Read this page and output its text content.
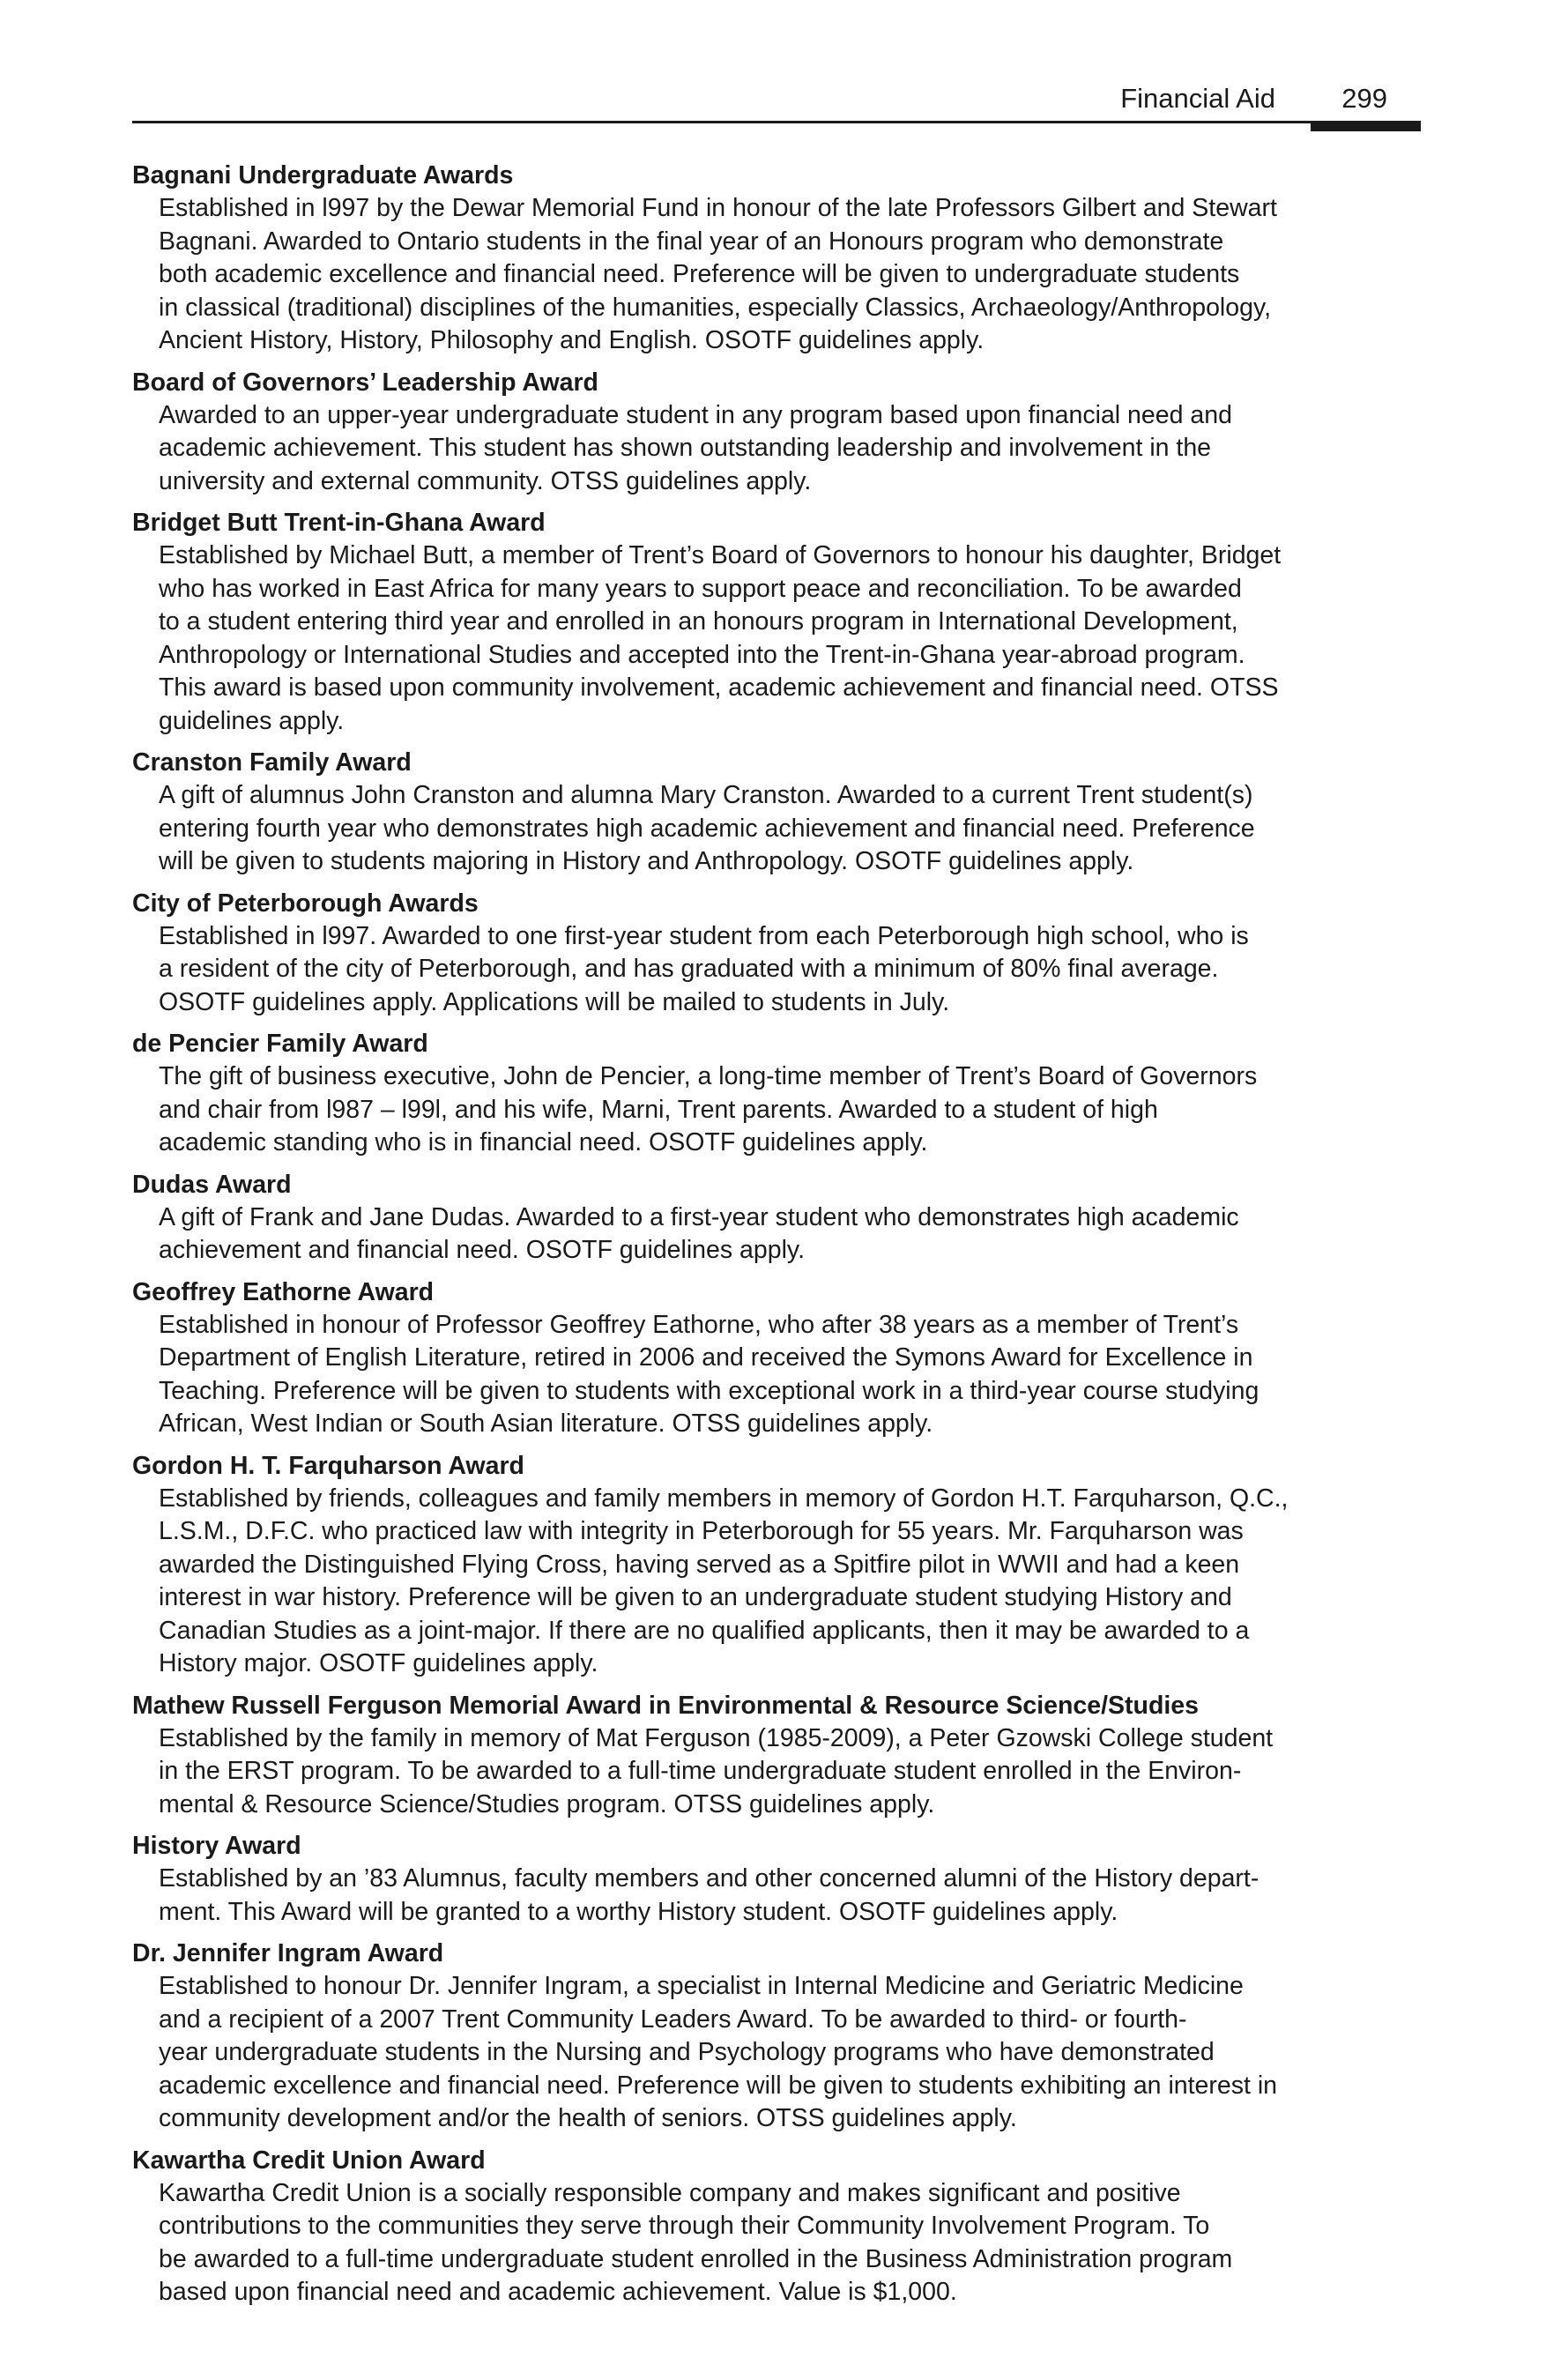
Financial Aid 299

Bagnani Undergraduate Awards

Established in l997 by the Dewar Memorial Fund in honour of the late Professors Gilbert and Stewart
Bagnani. Awarded to Ontario students in the final year of an Honours program who demonstrate
both academic excellence and financial need. Preference will be given to undergraduate students
in classical (traditional) disciplines of the humanities, especially Classics, Archaeology/Anthropology,
Ancient History, History, Philosophy and English. OSOTF guidelines apply.

Board of Governors’ Leadership Award

Awarded to an upper-year undergraduate student in any program based upon financial need and
academic achievement. This student has shown outstanding leadership and involvement in the
university and external community. OTSS guidelines apply.

Bridget Butt Trent-in-Ghana Award

Established by Michael Butt, a member of Trent’s Board of Governors to honour his daughter, Bridget
who has worked in East Africa for many years to support peace and reconciliation. To be awarded
to a student entering third year and enrolled in an honours program in International Development,
Anthropology or International Studies and accepted into the Trent-in-Ghana year-abroad program.
This award is based upon community involvement, academic achievement and financial need. OTSS
guidelines apply.

Cranston Family Award

A gift of alumnus John Cranston and alumna Mary Cranston. Awarded to a current Trent student(s)
entering fourth year who demonstrates high academic achievement and financial need. Preference
will be given to students majoring in History and Anthropology. OSOTF guidelines apply.

City of Peterborough Awards

Established in l997. Awarded to one first-year student from each Peterborough high school, who is
a resident of the city of Peterborough, and has graduated with a minimum of 80% final average.
OSOTF guidelines apply. Applications will be mailed to students in July.

de Pencier Family Award

The gift of business executive, John de Pencier, a long-time member of Trent’s Board of Governors
and chair from l987 – l99l, and his wife, Marni, Trent parents. Awarded to a student of high
academic standing who is in financial need. OSOTF guidelines apply.

Dudas Award

A gift of Frank and Jane Dudas. Awarded to a first-year student who demonstrates high academic
achievement and financial need. OSOTF guidelines apply.

Geoffrey Eathorne Award

Established in honour of Professor Geoffrey Eathorne, who after 38 years as a member of Trent’s
Department of English Literature, retired in 2006 and received the Symons Award for Excellence in
Teaching. Preference will be given to students with exceptional work in a third-year course studying
African, West Indian or South Asian literature. OTSS guidelines apply.

Gordon H. T. Farquharson Award

Established by friends, colleagues and family members in memory of Gordon H.T. Farquharson, Q.C.,
L.S.M., D.F.C. who practiced law with integrity in Peterborough for 55 years. Mr. Farquharson was
awarded the Distinguished Flying Cross, having served as a Spitfire pilot in WWII and had a keen
interest in war history. Preference will be given to an undergraduate student studying History and
Canadian Studies as a joint-major. If there are no qualified applicants, then it may be awarded to a
History major. OSOTF guidelines apply.

Mathew Russell Ferguson Memorial Award in Environmental & Resource Science/Studies

Established by the family in memory of Mat Ferguson (1985-2009), a Peter Gzowski College student
in the ERST program. To be awarded to a full-time undergraduate student enrolled in the Environ-
mental & Resource Science/Studies program. OTSS guidelines apply.

History Award

Established by an ’83 Alumnus, faculty members and other concerned alumni of the History depart-
ment. This Award will be granted to a worthy History student. OSOTF guidelines apply.

Dr. Jennifer Ingram Award

Established to honour Dr. Jennifer Ingram, a specialist in Internal Medicine and Geriatric Medicine
and a recipient of a 2007 Trent Community Leaders Award. To be awarded to third- or fourth-
year undergraduate students in the Nursing and Psychology programs who have demonstrated
academic excellence and financial need. Preference will be given to students exhibiting an interest in
community development and/or the health of seniors. OTSS guidelines apply.

Kawartha Credit Union Award

Kawartha Credit Union is a socially responsible company and makes significant and positive
contributions to the communities they serve through their Community Involvement Program. To
be awarded to a full-time undergraduate student enrolled in the Business Administration program
based upon financial need and academic achievement. Value is $1,000.
